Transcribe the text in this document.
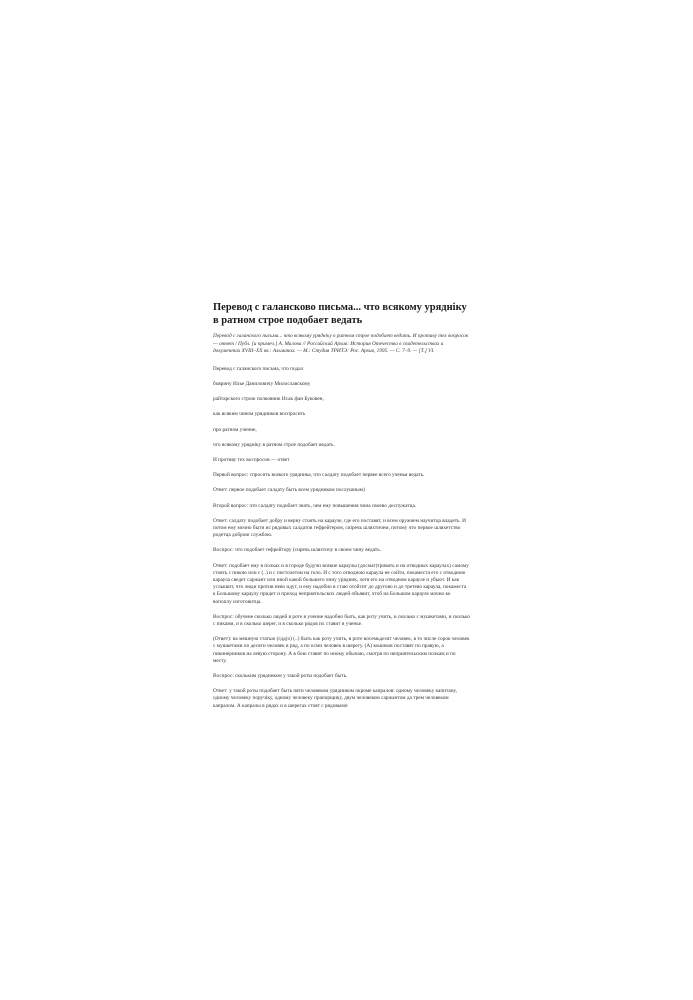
Перевод с галансково письма... что всякому урядніку в ратном строе подобает ведать

Перевод с галанского письма... что всякому урядніку в ратном строе подобает ведать. И противу тех вопросов — ответ / Публ. [и примеч.] А. Малова // Российский Архив: История Отечества в свидетельствах и документах XVIII–XX вв.: Альманах. — М.: Студия ТРИТЭ: Рос. Архив, 1995. — С. 7–9. — [Т.] VI.

Перевод с галанского письма, что подал

боярину Илье Даниловичу Милославскому

райтарского строю полковник Исак фан Буковен,

как всяким чином урядников воспросить

про ратном учение,

что всякому урядніку в ратном строе подобает ведать.

И противу тех воспросов — ответ

Первой вопрос: спросить всякого урядника, что салдату подобает первее всего ученья ведать.

Ответ: первое подобает салдату быть всем урядником послушным)

Второй вопрос: что салдату подобает знать, чем ему повышения чина своево доспужатца.

Ответ: салдату подобает добру и верну стоять на карауле, где его поставят, и всем оружием научитца владеть. И потом ему мочно быти ис рядовых салдатов гефрейтером, сиiречь шляхтичем, потому что первое шляхетство родетца доброю службою.

Воспрос: что подобает гефрейтору (сиречь шляхтичу в своем чину ведать.

Ответ: подобает ему в полках и в городе будучи всякие караулы (досмат)тривать и на отводных караулах) самому стоять с пикою или с (..) и с пистолетом на голо. И с того отводною караула не сойти, покаместа его с отводною караула сведет саржант или иной какой большего чину урядник, хотя его на отводном карауле и убьют. И как услышит, что люди против нево идут, и ему надобно в стаю отойтит до другово и до третево караула, покаместа к Большому караулу придет и приход неприятельских людей объявит, чтоб на Большом карауле мочно ко вопоплу изготовитца.

Воспрос: обучене сколько людей в роте в учение надобно быть, как роту учить, и сколько с мушкетами, и сколько с пиками, и в сколько шерег, и в сколько рядов их ставит в ученье.

(Ответ): на мешную статью (гдд(о) (..) быть как роту учить, в роте восемьдесят человек, в то числе сорок человек с мушкетами по десяти человек в ряд, а по осми человек в шерегу. (А) кошиков поставят по правую, а пикинерников на левую сторону. А в бою ставят по иному обычаю, смотря по неприятельским полкам и по месту.

Воспрос: скольким урядником у такой роты подобает быть.

Ответ: у такой роты подобает быть пяти человеком урядником окроме капралов: одному человеку капитану, одному человеку поручіку, одному человеку прапорщику, двум человеком саржантом да трем человеком капралом. А капралы в рядах и в шерегах стоят с рядовыми
